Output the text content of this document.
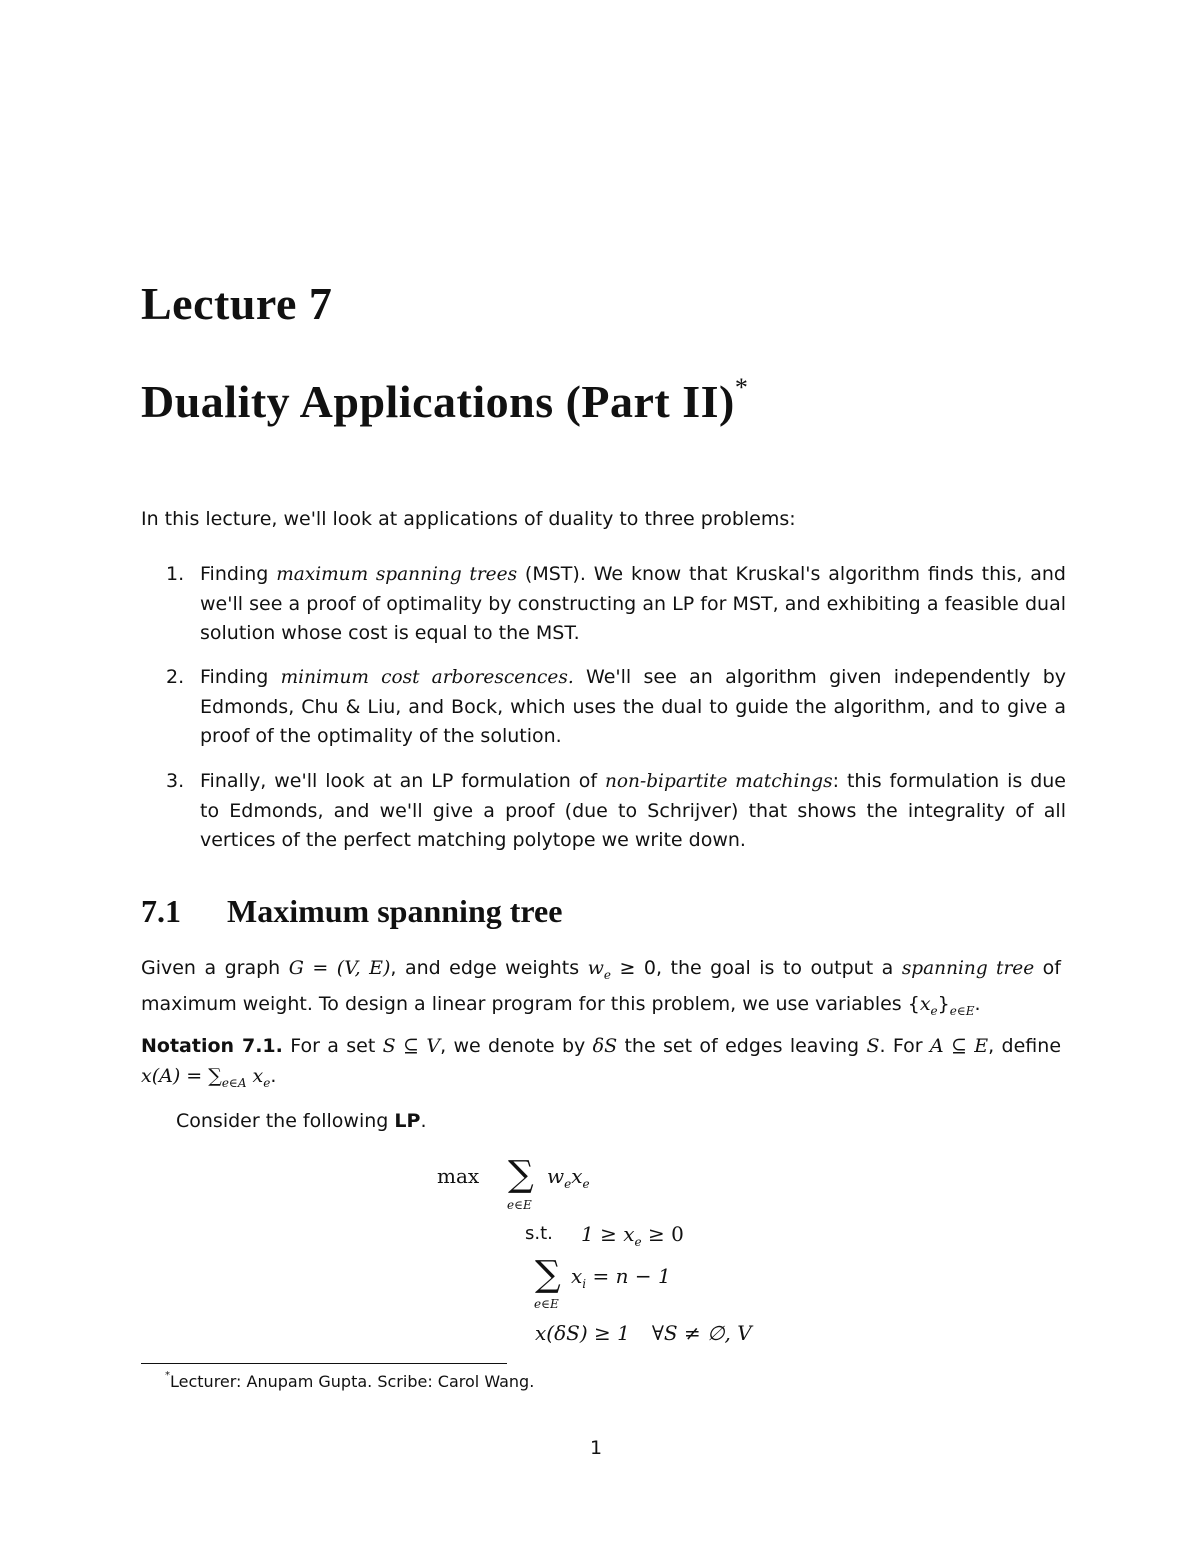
Lecture 7
Duality Applications (Part II)*
In this lecture, we'll look at applications of duality to three problems:
1. Finding maximum spanning trees (MST). We know that Kruskal's algorithm finds this, and we'll see a proof of optimality by constructing an LP for MST, and exhibiting a feasible dual solution whose cost is equal to the MST.
2. Finding minimum cost arborescences. We'll see an algorithm given independently by Edmonds, Chu & Liu, and Bock, which uses the dual to guide the algorithm, and to give a proof of the optimality of the solution.
3. Finally, we'll look at an LP formulation of non-bipartite matchings: this formulation is due to Edmonds, and we'll give a proof (due to Schrijver) that shows the integrality of all vertices of the perfect matching polytope we write down.
7.1 Maximum spanning tree
Given a graph G = (V, E), and edge weights $w_e \ge 0$, the goal is to output a spanning tree of maximum weight. To design a linear program for this problem, we use variables $\{x_e\}_{e\in E}$.
Notation 7.1. For a set S ⊆ V, we denote by δS the set of edges leaving S. For A ⊆ E, define $x(A) = \sum_{e\in A}$ $x_e$.
Consider the following LP.
max ∑
e∈E
$w_ex_e$
s.t. $1 \ge x_e \ge 0$
∑
e∈E
$x_i = n - 1$
x(δS) ≥ 1 ∀S ≠ ∅, V
*Lecturer: Anupam Gupta. Scribe: Carol Wang.
1
